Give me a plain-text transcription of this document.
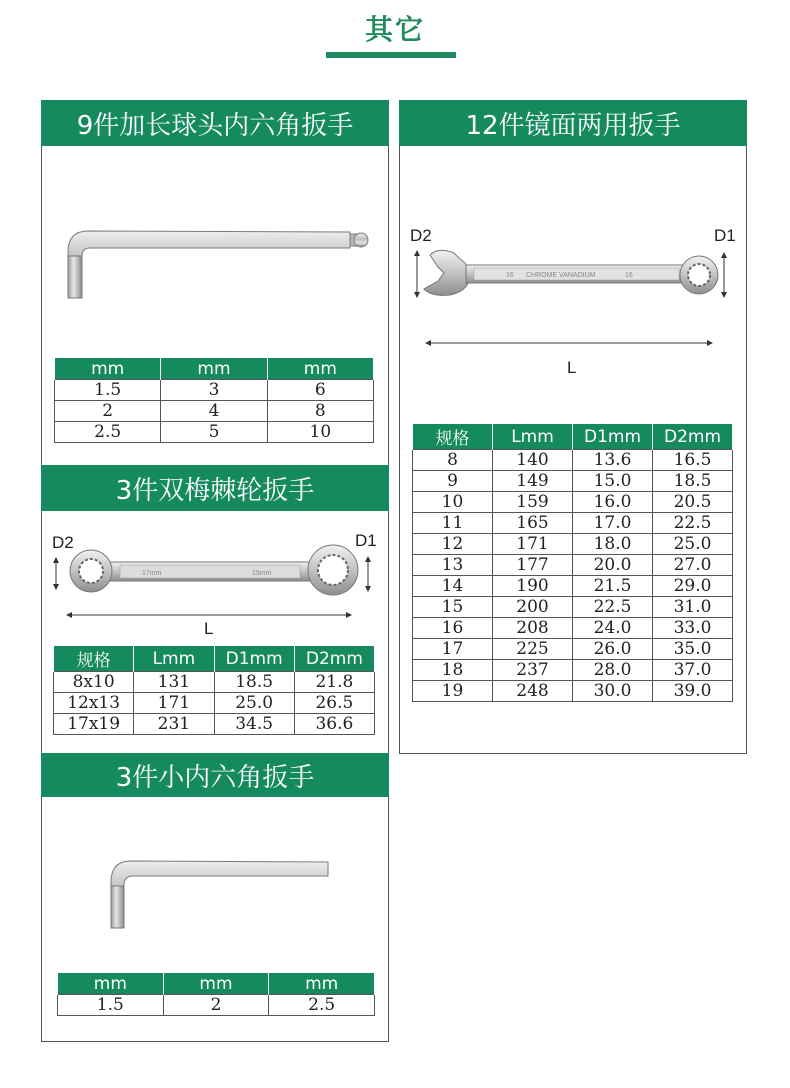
其它
9件加长球头内六角扳手
mm	mm	mm
1.5	3	6
2	4	8
2.5	5	10
3件双梅棘轮扳手
D2	D1
17mm	19mm
L
规格	Lmm	D1mm	D2mm
8x10	131	18.5	21.8
12x13	171	25.0	26.5
17x19	231	34.5	36.6
3件小内六角扳手
mm	mm	mm
1.5	2	2.5
12件镜面两用扳手
D2	D1
16 CHROME VANADIUM	16
L
规格	Lmm	D1mm	D2mm
8	140	13.6	16.5
9	149	15.0	18.5
10	159	16.0	20.5
11	165	17.0	22.5
12	171	18.0	25.0
13	177	20.0	27.0
14	190	21.5	29.0
15	200	22.5	31.0
16	208	24.0	33.0
17	225	26.0	35.0
18	237	28.0	37.0
19	248	30.0	39.0
